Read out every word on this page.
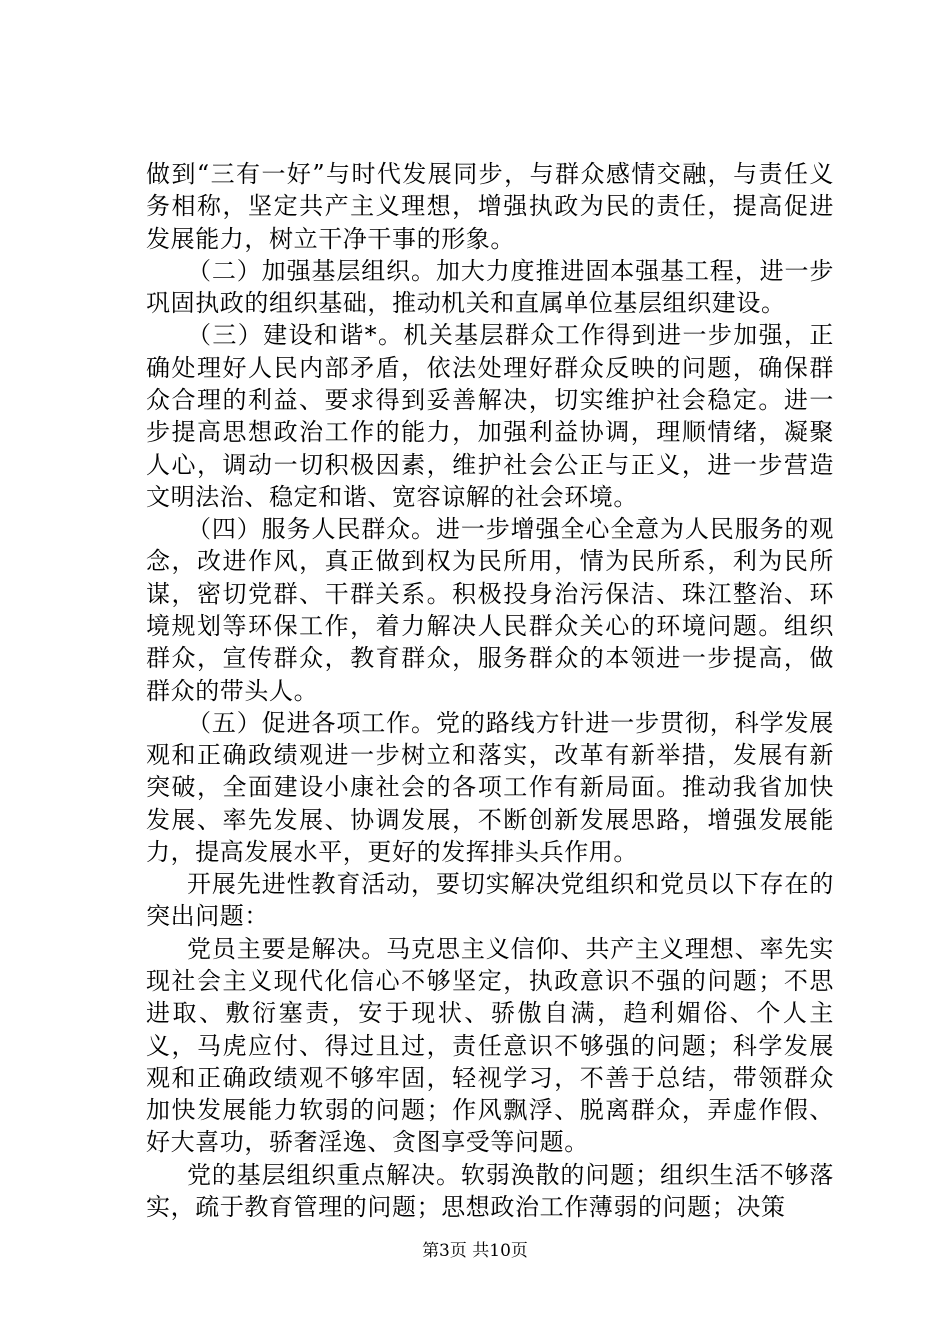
做到“三有一好”与时代发展同步，与群众感情交融，与责任义务相称，坚定共产主义理想，增强执政为民的责任，提高促进发展能力，树立干净干事的形象。

（二）加强基层组织。加大力度推进固本强基工程，进一步巩固执政的组织基础，推动机关和直属单位基层组织建设。

（三）建设和谐*。机关基层群众工作得到进一步加强，正确处理好人民内部矛盾，依法处理好群众反映的问题，确保群众合理的利益、要求得到妥善解决，切实维护社会稳定。进一步提高思想政治工作的能力，加强利益协调，理顺情绪，凝聚人心，调动一切积极因素，维护社会公正与正义，进一步营造文明法治、稳定和谐、宽容谅解的社会环境。

（四）服务人民群众。进一步增强全心全意为人民服务的观念，改进作风，真正做到权为民所用，情为民所系，利为民所谋，密切党群、干群关系。积极投身治污保洁、珠江整治、环境规划等环保工作，着力解决人民群众关心的环境问题。组织群众，宣传群众，教育群众，服务群众的本领进一步提高，做群众的带头人。

（五）促进各项工作。党的路线方针进一步贯彻，科学发展观和正确政绩观进一步树立和落实，改革有新举措，发展有新突破，全面建设小康社会的各项工作有新局面。推动我省加快发展、率先发展、协调发展，不断创新发展思路，增强发展能力，提高发展水平，更好的发挥排头兵作用。

开展先进性教育活动，要切实解决党组织和党员以下存在的突出问题：

党员主要是解决。马克思主义信仰、共产主义理想、率先实现社会主义现代化信心不够坚定，执政意识不强的问题；不思进取、敷衍塞责，安于现状、骄傲自满，趋利媚俗、个人主义，马虎应付、得过且过，责任意识不够强的问题；科学发展观和正确政绩观不够牢固，轻视学习，不善于总结，带领群众加快发展能力软弱的问题；作风飘浮、脱离群众，弄虚作假、好大喜功，骄奢淫逸、贪图享受等问题。

党的基层组织重点解决。软弱涣散的问题；组织生活不够落实，疏于教育管理的问题；思想政治工作薄弱的问题；决策

第3页 共10页
